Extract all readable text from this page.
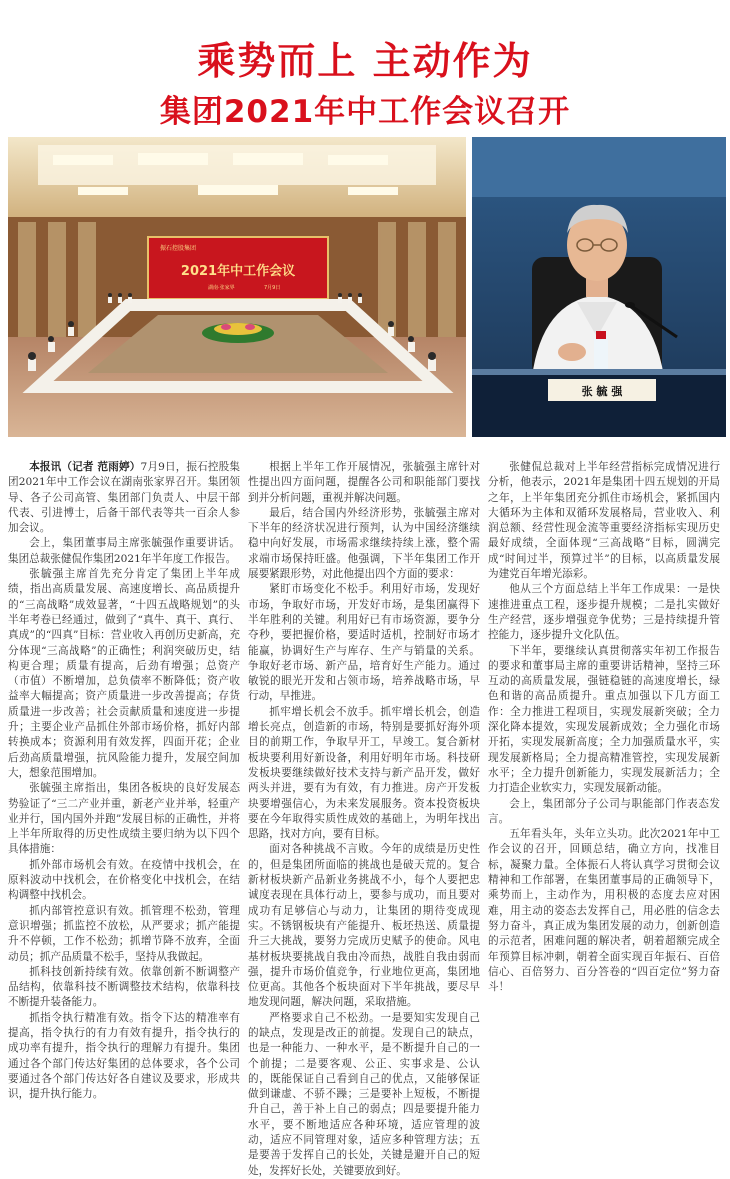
乘势而上 主动作为
集团2021年中工作会议召开
2021年中工作会议
振石控股集团
湖南·张家界	7月9日
张 毓 强

本报讯（记者 范雨婷）7月9日，振石控股集团2021年中工作会议在湖南张家界召开。集团领导、各子公司高管、集团部门负责人、中层干部代表、引进博士，后备干部代表等共一百余人参加会议。

会上，集团董事局主席张毓强作重要讲话。集团总裁张健侃作集团2021年半年度工作报告。

张毓强主席首先充分肯定了集团上半年成绩，指出高质量发展、高速度增长、高品质提升的“三高战略”成效显著，“十四五战略规划”的头半年考卷已经通过，做到了“真牛、真干、真行、真成”的“四真”目标：营业收入再创历史新高，充分体现“三高战略”的正确性；利润突破历史，结构更合理；质量有提高，后劲有增强；总资产（市值）不断增加，总负债率不断降低；资产收益率大幅提高；资产质量进一步改善提高；存货质量进一步改善；社会贡献质量和速度进一步提升；主要企业产品抓住外部市场价格，抓好内部转换成本；资源利用有效发挥，四面开花；企业后劲高质量增强，抗风险能力提升，发展空间加大，想象范围增加。

张毓强主席指出，集团各板块的良好发展态势验证了“三二产业并重，新老产业并举，轻重产业并行，国内国外并跑”发展目标的正确性，并将上半年所取得的历史性成绩主要归纳为以下四个具体措施：

抓外部市场机会有效。在疫情中找机会，在原料波动中找机会，在价格变化中找机会，在结构调整中找机会。

抓内部管控意识有效。抓管理不松劲，管理意识增强；抓监控不放松，从严要求；抓产能提升不停顿，工作不松劲；抓增节降不放弃，全面动员；抓产品质量不松手，坚持从我做起。

抓科技创新持续有效。依靠创新不断调整产品结构，依靠科技不断调整技术结构，依靠科技不断提升装备能力。

抓指令执行精准有效。指令下达的精准率有提高，指令执行的有力有效有提升，指令执行的成功率有提升，指令执行的理解力有提升。集团通过各个部门传达好集团的总体要求，各个公司要通过各个部门传达好各自建议及要求，形成共识，提升执行能力。

根据上半年工作开展情况，张毓强主席针对性提出四方面问题，提醒各公司和职能部门要找到并分析问题，重视并解决问题。

最后，结合国内外经济形势，张毓强主席对下半年的经济状况进行预判，认为中国经济继续稳中向好发展，市场需求继续持续上涨，整个需求端市场保持旺盛。他强调，下半年集团工作开展要紧跟形势，对此他提出四个方面的要求：

紧盯市场变化不松手。利用好市场，发现好市场，争取好市场，开发好市场，是集团赢得下半年胜利的关键。利用好已有市场资源，要争分夺秒，要把握价格，要适时适机，控制好市场才能赢，协调好生产与库存、生产与销量的关系。争取好老市场、新产品，培育好生产能力。通过敏锐的眼光开发和占领市场，培养战略市场，早行动，早推进。

抓牢增长机会不放手。抓牢增长机会，创造增长亮点，创造新的市场，特别是要抓好海外项目的前期工作，争取早开工，早竣工。复合新材板块要利用好新设备，利用好明年市场。科技研发板块要继续做好技术支持与新产品开发，做好两头并进，要有为有效，有力推进。房产开发板块要增强信心，为未来发展服务。资本投资板块要在今年取得实质性成效的基础上，为明年找出思路，找对方向，要有目标。

面对各种挑战不言败。今年的成绩是历史性的，但是集团所面临的挑战也是破天荒的。复合新材板块新产品新业务挑战不小，每个人要把忠诚度表现在具体行动上，要参与成功，而且要对成功有足够信心与动力，让集团的期待变成现实。不锈钢板块有产能提升、板坯热送、质量提升三大挑战，要努力完成历史赋予的使命。风电基材板块要挑战自我由冷而热，战胜自我由弱而强，提升市场价值竞争，行业地位更高，集团地位更高。其他各个板块面对下半年挑战，要尽早地发现问题，解决问题，采取措施。

严格要求自己不松劲。一是要知实发现自己的缺点，发现是改正的前提。发现自己的缺点，也是一种能力、一种水平，是不断提升自己的一个前提；二是要客观、公正、实事求是、公认的，既能保证自己看到自己的优点，又能够保证做到谦虚、不骄不躁；三是要补上短板，不断提升自己，善于补上自己的弱点；四是要提升能力水平，要不断地适应各种环境，适应管理的波动，适应不同管理对象，适应多种管理方法；五是要善于发挥自己的长处，关键是避开自己的短处，发挥好长处，关键要放到好。

张健侃总裁对上半年经营指标完成情况进行分析，他表示，2021年是集团十四五规划的开局之年，上半年集团充分抓住市场机会，紧抓国内大循环为主体和双循环发展格局，营业收入、利润总额、经营性现金流等重要经济指标实现历史最好成绩，全面体现“三高战略”目标，圆满完成“时间过半，预算过半”的目标，以高质量发展为建党百年增光添彩。

他从三个方面总结上半年工作成果：一是快速推进重点工程，逐步提升规模；二是扎实做好生产经营，逐步增强竞争优势；三是持续提升管控能力，逐步提升文化队伍。

下半年，要继续认真贯彻落实年初工作报告的要求和董事局主席的重要讲话精神，坚持三环互动的高质量发展，强链稳链的高速度增长，绿色和谐的高品质提升。重点加强以下几方面工作：全力推进工程项目，实现发展新突破；全力深化降本提效，实现发展新成效；全力强化市场开拓，实现发展新高度；全力加强质量水平，实现发展新格局；全力提高精准管控，实现发展新水平；全力提升创新能力，实现发展新活力；全力打造企业软实力，实现发展新动能。

会上，集团部分子公司与职能部门作表态发言。

五年看头年，头年立头功。此次2021年中工作会议的召开，回顾总结，确立方向，找准目标，凝聚力量。全体振石人将认真学习贯彻会议精神和工作部署，在集团董事局的正确领导下，乘势而上，主动作为，用积极的态度去应对困难，用主动的姿态去发挥自己，用必胜的信念去努力奋斗，真正成为集团发展的动力，创新创造的示范者，困难问题的解决者，朝着超额完成全年预算目标冲刺，朝着全面实现百年振石、百倍信心、百倍努力、百分答卷的“四百定位”努力奋斗！
